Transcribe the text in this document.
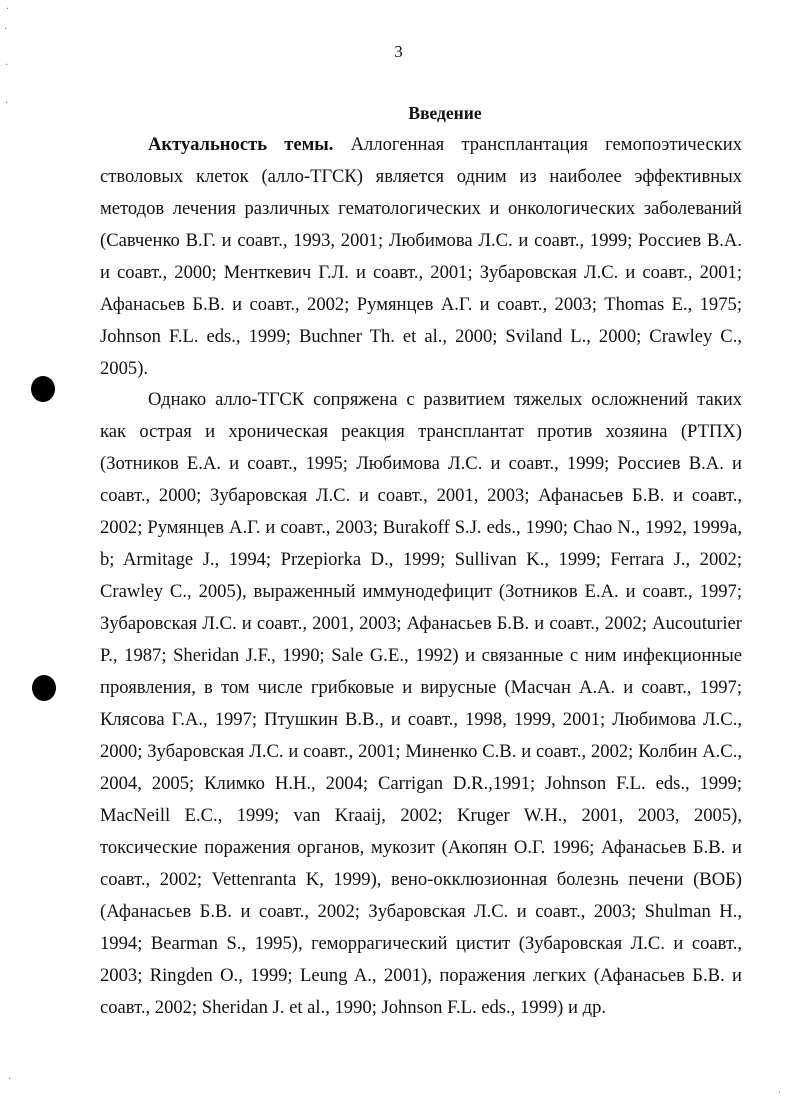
3
Введение

Актуальность темы. Аллогенная трансплантация гемопоэтических стволовых клеток (алло-ТГСК) является одним из наиболее эффективных методов лечения различных гематологических и онкологических заболеваний (Савченко В.Г. и соавт., 1993, 2001; Любимова Л.С. и соавт., 1999; Россиев В.А. и соавт., 2000; Менткевич Г.Л. и соавт., 2001; Зубаровская Л.С. и соавт., 2001; Афанасьев Б.В. и соавт., 2002; Румянцев А.Г. и соавт., 2003; Thomas E., 1975; Johnson F.L. eds., 1999; Buchner Th. et al., 2000; Sviland L., 2000; Crawley C., 2005).

Однако алло-ТГСК сопряжена с развитием тяжелых осложнений таких как острая и хроническая реакция трансплантат против хозяина (РТПХ) (Зотников Е.А. и соавт., 1995; Любимова Л.С. и соавт., 1999; Россиев В.А. и соавт., 2000; Зубаровская Л.С. и соавт., 2001, 2003; Афанасьев Б.В. и соавт., 2002; Румянцев А.Г. и соавт., 2003; Burakoff S.J. eds., 1990; Chao N., 1992, 1999a, b; Armitage J., 1994; Przepiorka D., 1999; Sullivan K., 1999; Ferrara J., 2002; Crawley C., 2005), выраженный иммунодефицит (Зотников Е.А. и соавт., 1997; Зубаровская Л.С. и соавт., 2001, 2003; Афанасьев Б.В. и соавт., 2002; Aucouturier P., 1987; Sheridan J.F., 1990; Sale G.E., 1992) и связанные с ним инфекционные проявления, в том числе грибковые и вирусные (Масчан А.А. и соавт., 1997; Клясова Г.А., 1997; Птушкин В.В., и соавт., 1998, 1999, 2001; Любимова Л.С., 2000; Зубаровская Л.С. и соавт., 2001; Миненко С.В. и соавт., 2002; Колбин А.С., 2004, 2005; Климко Н.Н., 2004; Carrigan D.R.,1991; Johnson F.L. eds., 1999; MacNeill E.C., 1999; van Kraaij, 2002; Kruger W.H., 2001, 2003, 2005), токсические поражения органов, мукозит (Акопян О.Г. 1996; Афанасьев Б.В. и соавт., 2002; Vettenranta K, 1999), вено-окклюзионная болезнь печени (ВОБ) (Афанасьев Б.В. и соавт., 2002; Зубаровская Л.С. и соавт., 2003; Shulman H., 1994; Bearman S., 1995), геморрагический цистит (Зубаровская Л.С. и соавт., 2003; Ringden O., 1999; Leung A., 2001), поражения легких (Афанасьев Б.В. и соавт., 2002; Sheridan J. et al., 1990; Johnson F.L. eds., 1999) и др.

·
·
·
·
·
·
